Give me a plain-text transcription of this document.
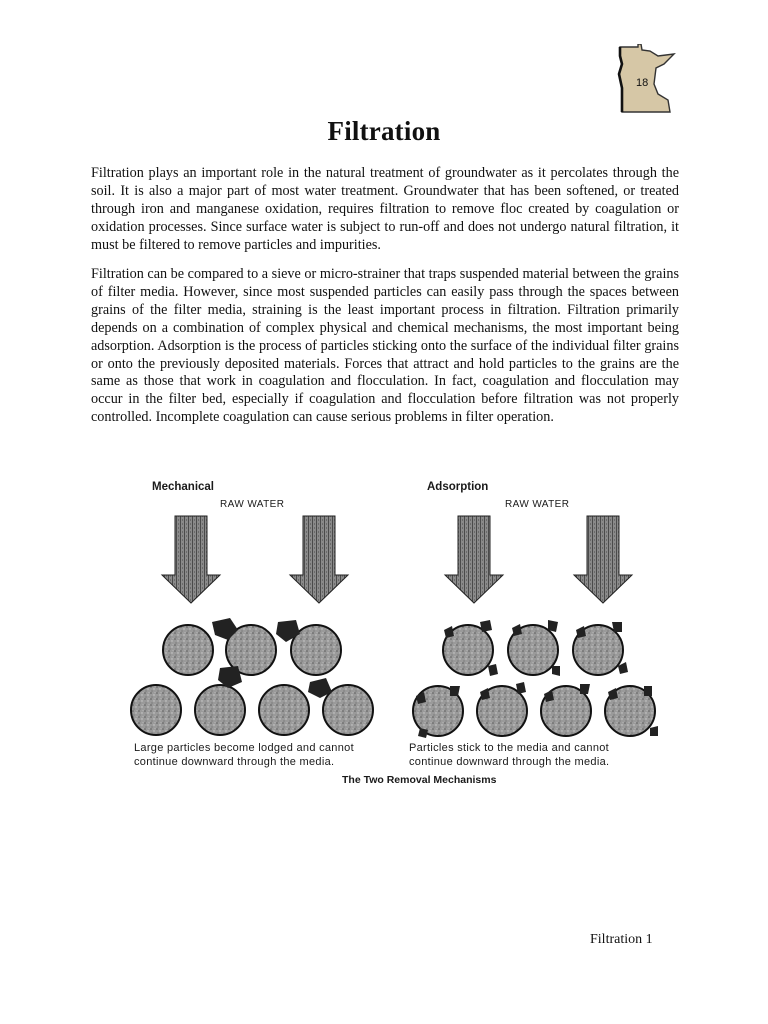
18
Filtration

Filtration plays an important role in the natural treatment of groundwater as it percolates through the soil. It is also a major part of most water treatment. Groundwater that has been softened, or treated through iron and manganese oxidation, requires filtration to remove floc created by coagulation or oxidation processes. Since surface water is subject to run-off and does not undergo natural filtration, it must be filtered to remove particles and impurities.

Filtration can be compared to a sieve or micro-strainer that traps suspended material between the grains of filter media. However, since most suspended particles can easily pass through the spaces between grains of the filter media, straining is the least important process in filtration. Filtration primarily depends on a combination of complex physical and chemical mechanisms, the most important being adsorption. Adsorption is the process of particles sticking onto the surface of the individual filter grains or onto the previously deposited materials. Forces that attract and hold particles to the grains are the same as those that work in coagulation and flocculation. In fact, coagulation and flocculation may occur in the filter bed, especially if coagulation and flocculation before filtration was not properly controlled. Incomplete coagulation can cause serious problems in filter operation.

Mechanical
RAW WATER
Adsorption
RAW WATER
Large particles become lodged and cannot
continue downward through the media.
Particles stick to the media and cannot
continue downward through the media.
The Two Removal Mechanisms
Filtration 1
